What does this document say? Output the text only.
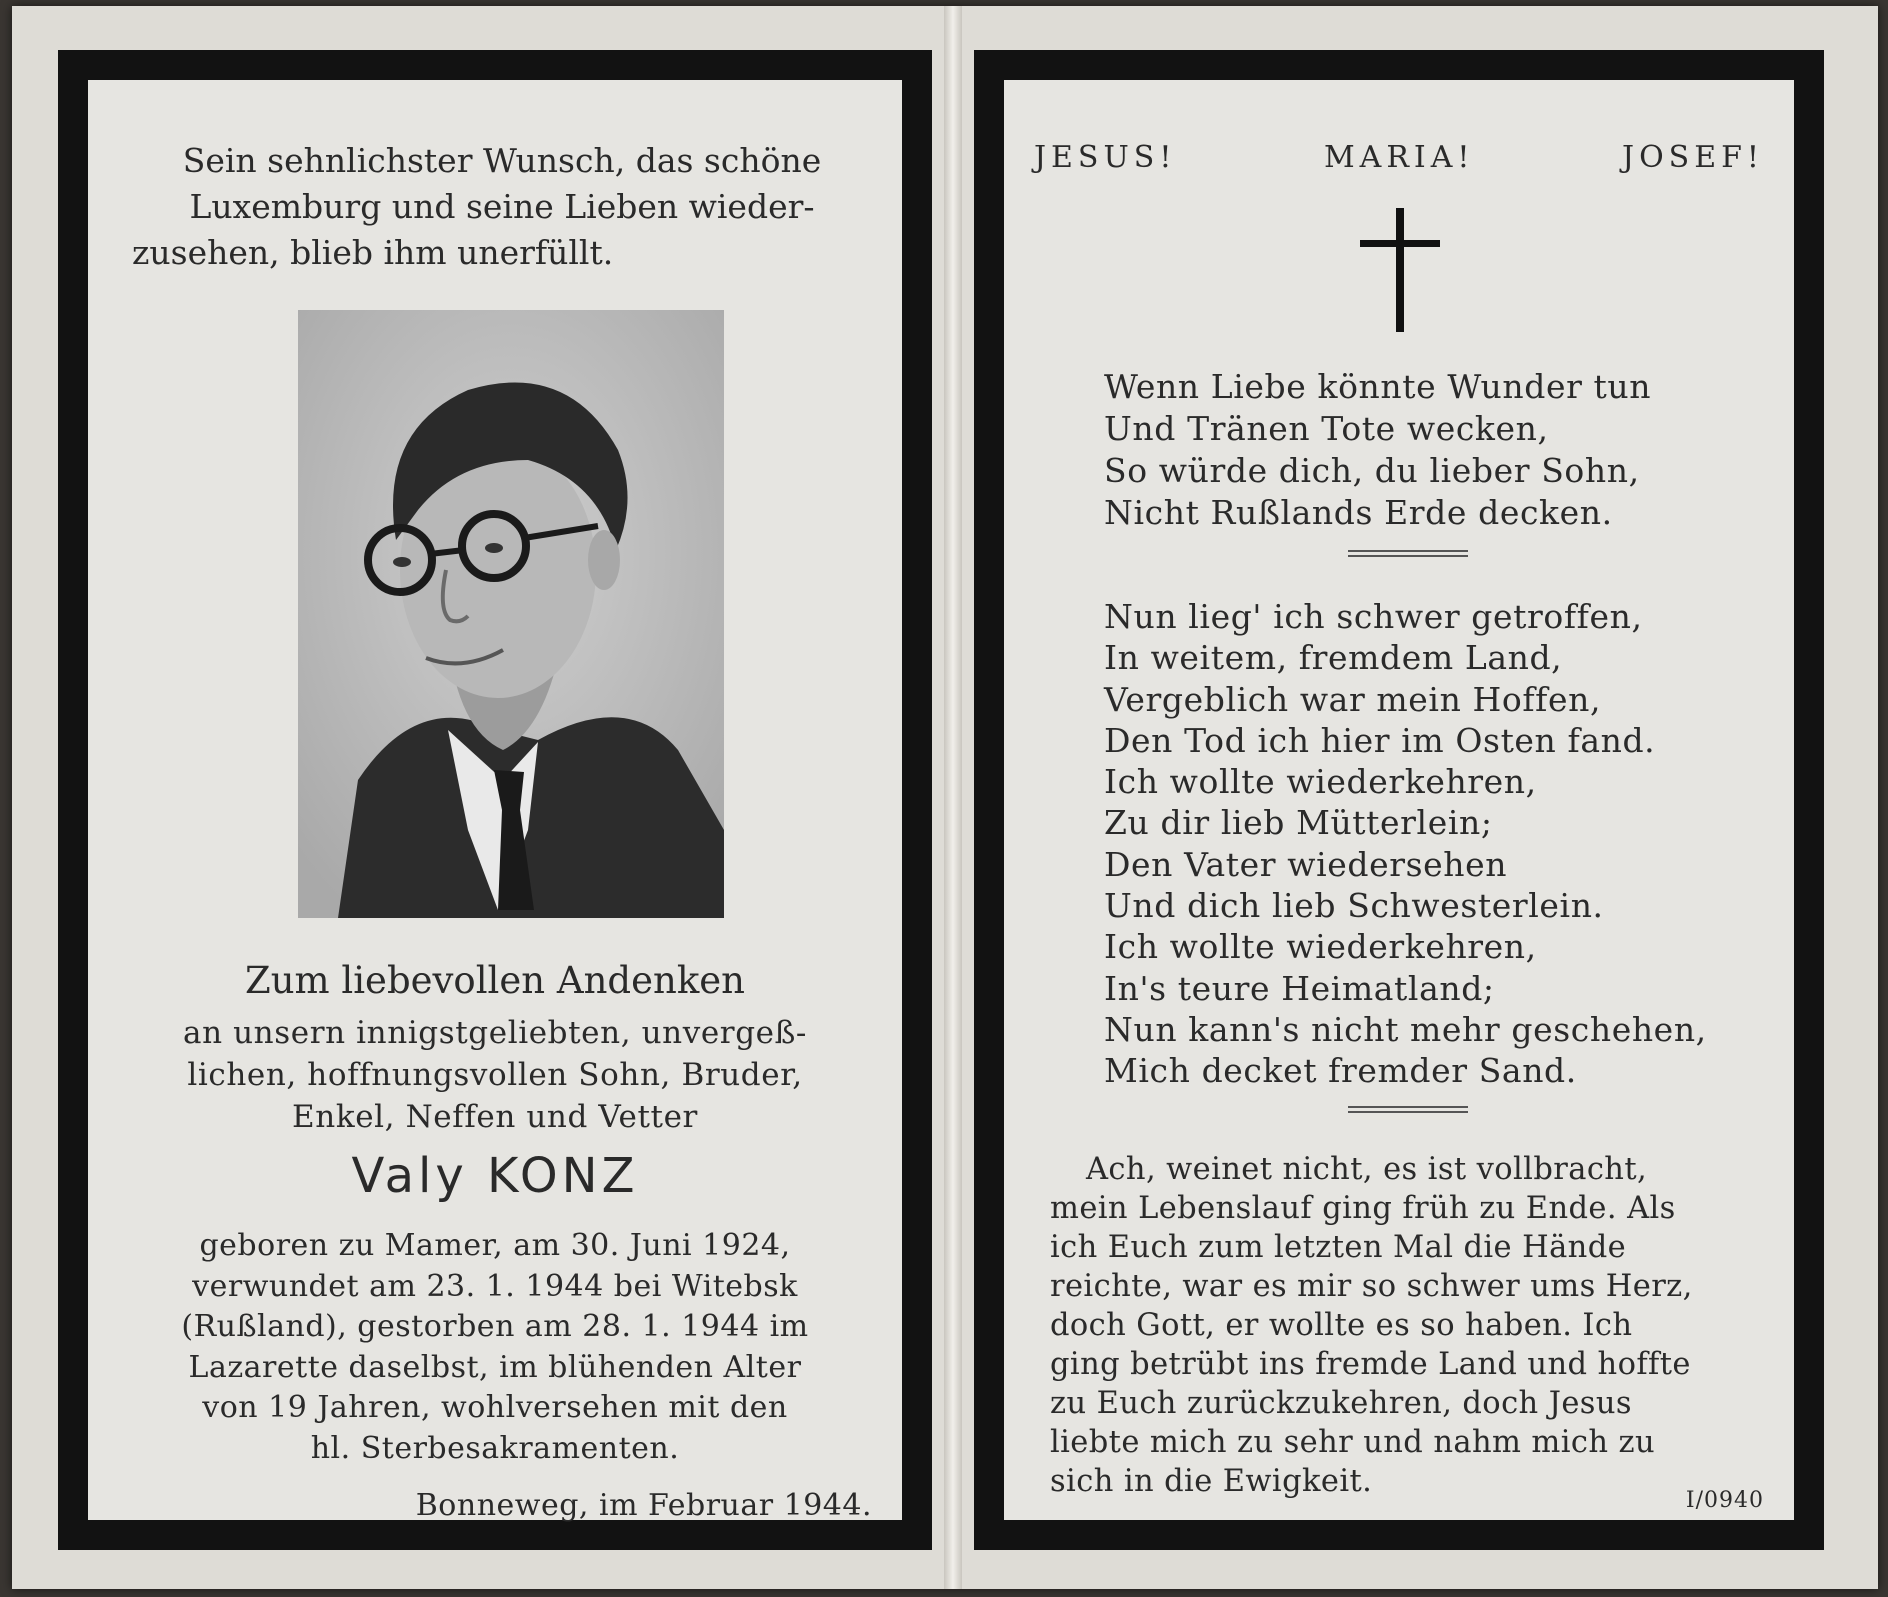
Sein sehnlichster Wunsch, das schöne
Luxemburg und seine Lieben wieder-
zusehen, blieb ihm unerfüllt.
Zum liebevollen Andenken
an unsern innigstgeliebten, unvergeß-
lichen, hoffnungsvollen Sohn, Bruder,
Enkel, Neffen und Vetter
Valy KONZ
geboren zu Mamer, am 30. Juni 1924,
verwundet am 23. 1. 1944 bei Witebsk
(Rußland), gestorben am 28. 1. 1944 im
Lazarette daselbst, im blühenden Alter
von 19 Jahren, wohlversehen mit den
hl. Sterbesakramenten.
Bonneweg, im Februar 1944.
JESUS!	MARIA!	JOSEF!
Wenn Liebe könnte Wunder tun
Und Tränen Tote wecken,
So würde dich, du lieber Sohn,
Nicht Rußlands Erde decken.
Nun lieg' ich schwer getroffen,
In weitem, fremdem Land,
Vergeblich war mein Hoffen,
Den Tod ich hier im Osten fand.
Ich wollte wiederkehren,
Zu dir lieb Mütterlein;
Den Vater wiedersehen
Und dich lieb Schwesterlein.
Ich wollte wiederkehren,
In's teure Heimatland;
Nun kann's nicht mehr geschehen,
Mich decket fremder Sand.
Ach, weinet nicht, es ist vollbracht,
mein Lebenslauf ging früh zu Ende. Als
ich Euch zum letzten Mal die Hände
reichte, war es mir so schwer ums Herz,
doch Gott, er wollte es so haben. Ich
ging betrübt ins fremde Land und hoffte
zu Euch zurückzukehren, doch Jesus
liebte mich zu sehr und nahm mich zu
sich in die Ewigkeit.
I/0940
